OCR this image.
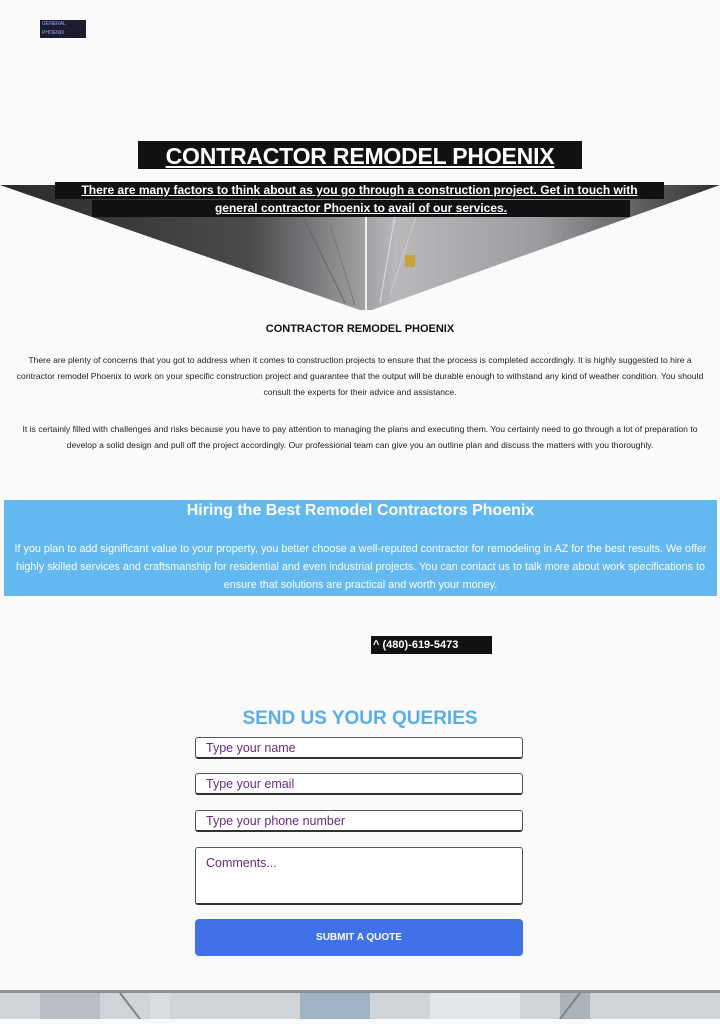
GENERAL
PHOENIX
CONTRACTOR REMODEL PHOENIX
There are many factors to think about as you go through a construction project. Get in touch with
general contractor Phoenix to avail of our services.
CONTRACTOR REMODEL PHOENIX
There are plenty of concerns that you got to address when it comes to construction projects to ensure that the process is completed accordingly. It is highly suggested to hire a contractor remodel Phoenix to work on your specific construction project and guarantee that the output will be durable enough to withstand any kind of weather condition. You should consult the experts for their advice and assistance.
It is certainly filled with challenges and risks because you have to pay attention to managing the plans and executing them. You certainly need to go through a lot of preparation to develop a solid design and pull off the project accordingly. Our professional team can give you an outline plan and discuss the matters with you thoroughly.
Hiring the Best Remodel Contractors Phoenix
If you plan to add significant value to your property, you better choose a well-reputed contractor for remodeling in AZ for the best results. We offer highly skilled services and craftsmanship for residential and even industrial projects. You can contact us to talk more about work specifications to ensure that solutions are practical and worth your money.
^ (480)-619-5473
SEND US YOUR QUERIES
Type your name
Type your email
Type your phone number
Comments...
SUBMIT A QUOTE
